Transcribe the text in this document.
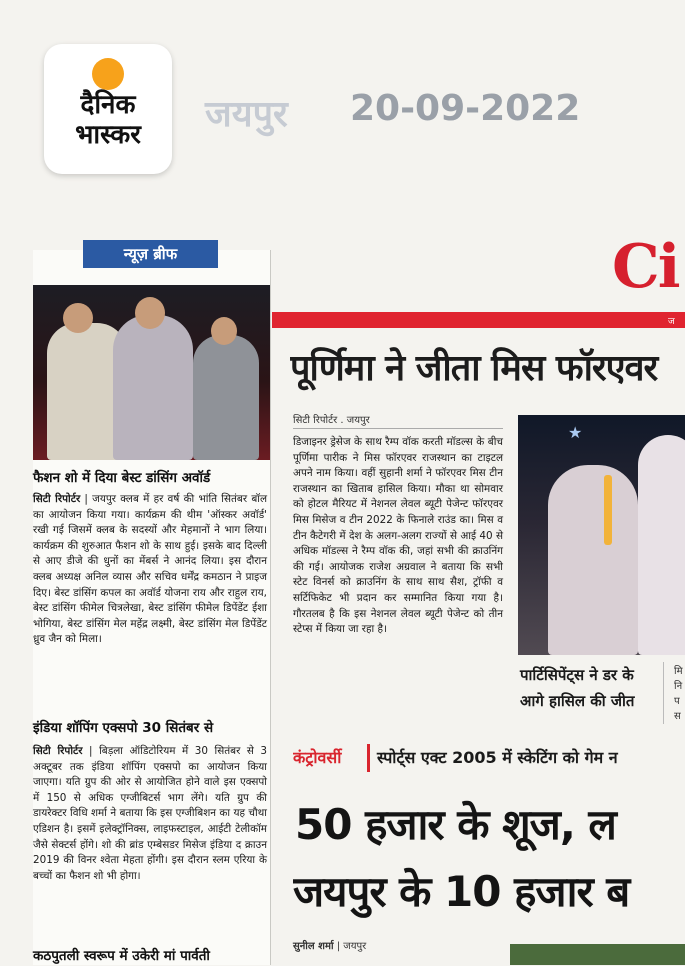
दैनिक भास्कर	जयपुर 20-09-2022
न्यूज़ ब्रीफ
फैशन शो में दिया बेस्ट डांसिंग अवॉर्ड
सिटी रिपोर्टर | जयपुर क्लब में हर वर्ष की भांति सितंबर बॉल का आयोजन किया गया। कार्यक्रम की थीम 'ऑस्कर अवॉर्ड' रखी गई जिसमें क्लब के सदस्यों और मेहमानों ने भाग लिया। कार्यक्रम की शुरुआत फैशन शो के साथ हुई। इसके बाद दिल्ली से आए डीजे की धुनों का मेंबर्स ने आनंद लिया। इस दौरान क्लब अध्यक्ष अनिल व्यास और सचिव धर्मेंद्र कमठान ने प्राइज दिए। बेस्ट डांसिंग कपल का अवॉर्ड योजना राय और राहुल राय, बेस्ट डांसिंग फीमेल चित्रलेखा, बेस्ट डांसिंग फीमेल डिपेंडेंट ईशा भोगिया, बेस्ट डांसिंग मेल महेंद्र लक्ष्मी, बेस्ट डांसिंग मेल डिपेंडेंट ध्रुव जैन को मिला।
इंडिया शॉपिंग एक्सपो 30 सितंबर से
सिटी रिपोर्टर | बिड़ला ऑडिटोरियम में 30 सितंबर से 3 अक्टूबर तक इंडिया शॉपिंग एक्सपो का आयोजन किया जाएगा। यति ग्रुप की ओर से आयोजित होने वाले इस एक्सपो में 150 से अधिक एग्जीबिटर्स भाग लेंगे। यति ग्रुप की डायरेक्टर विधि शर्मा ने बताया कि इस एग्जीबिशन का यह चौथा एडिशन है। इसमें इलेक्ट्रॉनिक्स, लाइफस्टाइल, आईटी टेलीकॉम जैसे सेक्टर्स होंगे। शो की ब्रांड एम्बेसडर मिसेज इंडिया द क्राउन 2019 की विनर श्वेता मेहता होंगी। इस दौरान स्लम एरिया के बच्चों का फैशन शो भी होगा।
कठपुतली स्वरूप में उकेरी मां पार्वती
Ci
ज
पूर्णिमा ने जीता मिस फॉरएवर
सिटी रिपोर्टर . जयपुर
डिजाइनर ड्रेसेज के साथ रैम्प वॉक करती मॉडल्स के बीच पूर्णिमा पारीक ने मिस फॉरएवर राजस्थान का टाइटल अपने नाम किया। वहीं सुहानी शर्मा ने फॉरएवर मिस टीन राजस्थान का खिताब हासिल किया। मौका था सोमवार को होटल मैरियट में नेशनल लेवल ब्यूटी पेजेन्ट फॉरएवर मिस मिसेज व टीन 2022 के फिनाले राउंड का। मिस व टीन कैटेगरी में देश के अलग-अलग राज्यों से आई 40 से अधिक मॉडल्स ने रैम्प वॉक की, जहां सभी की क्राउनिंग की गई। आयोजक राजेश अग्रवाल ने बताया कि सभी स्टेट विनर्स को क्राउनिंग के साथ साथ सैश, ट्रॉफी व सर्टिफिकेट भी प्रदान कर सम्मानित किया गया है। गौरतलब है कि इस नेशनल लेवल ब्यूटी पेजेन्ट को तीन स्टेप्स में किया जा रहा है।
★
पार्टिसिपेंट्स ने डर के आगे हासिल की जीत
मि
नि
प
स
कंट्रोवर्सी स्पोर्ट्स एक्ट 2005 में स्केटिंग को गेम न
50 हजार के शूज, ल
जयपुर के 10 हजार ब
सुनील शर्मा | जयपुर
